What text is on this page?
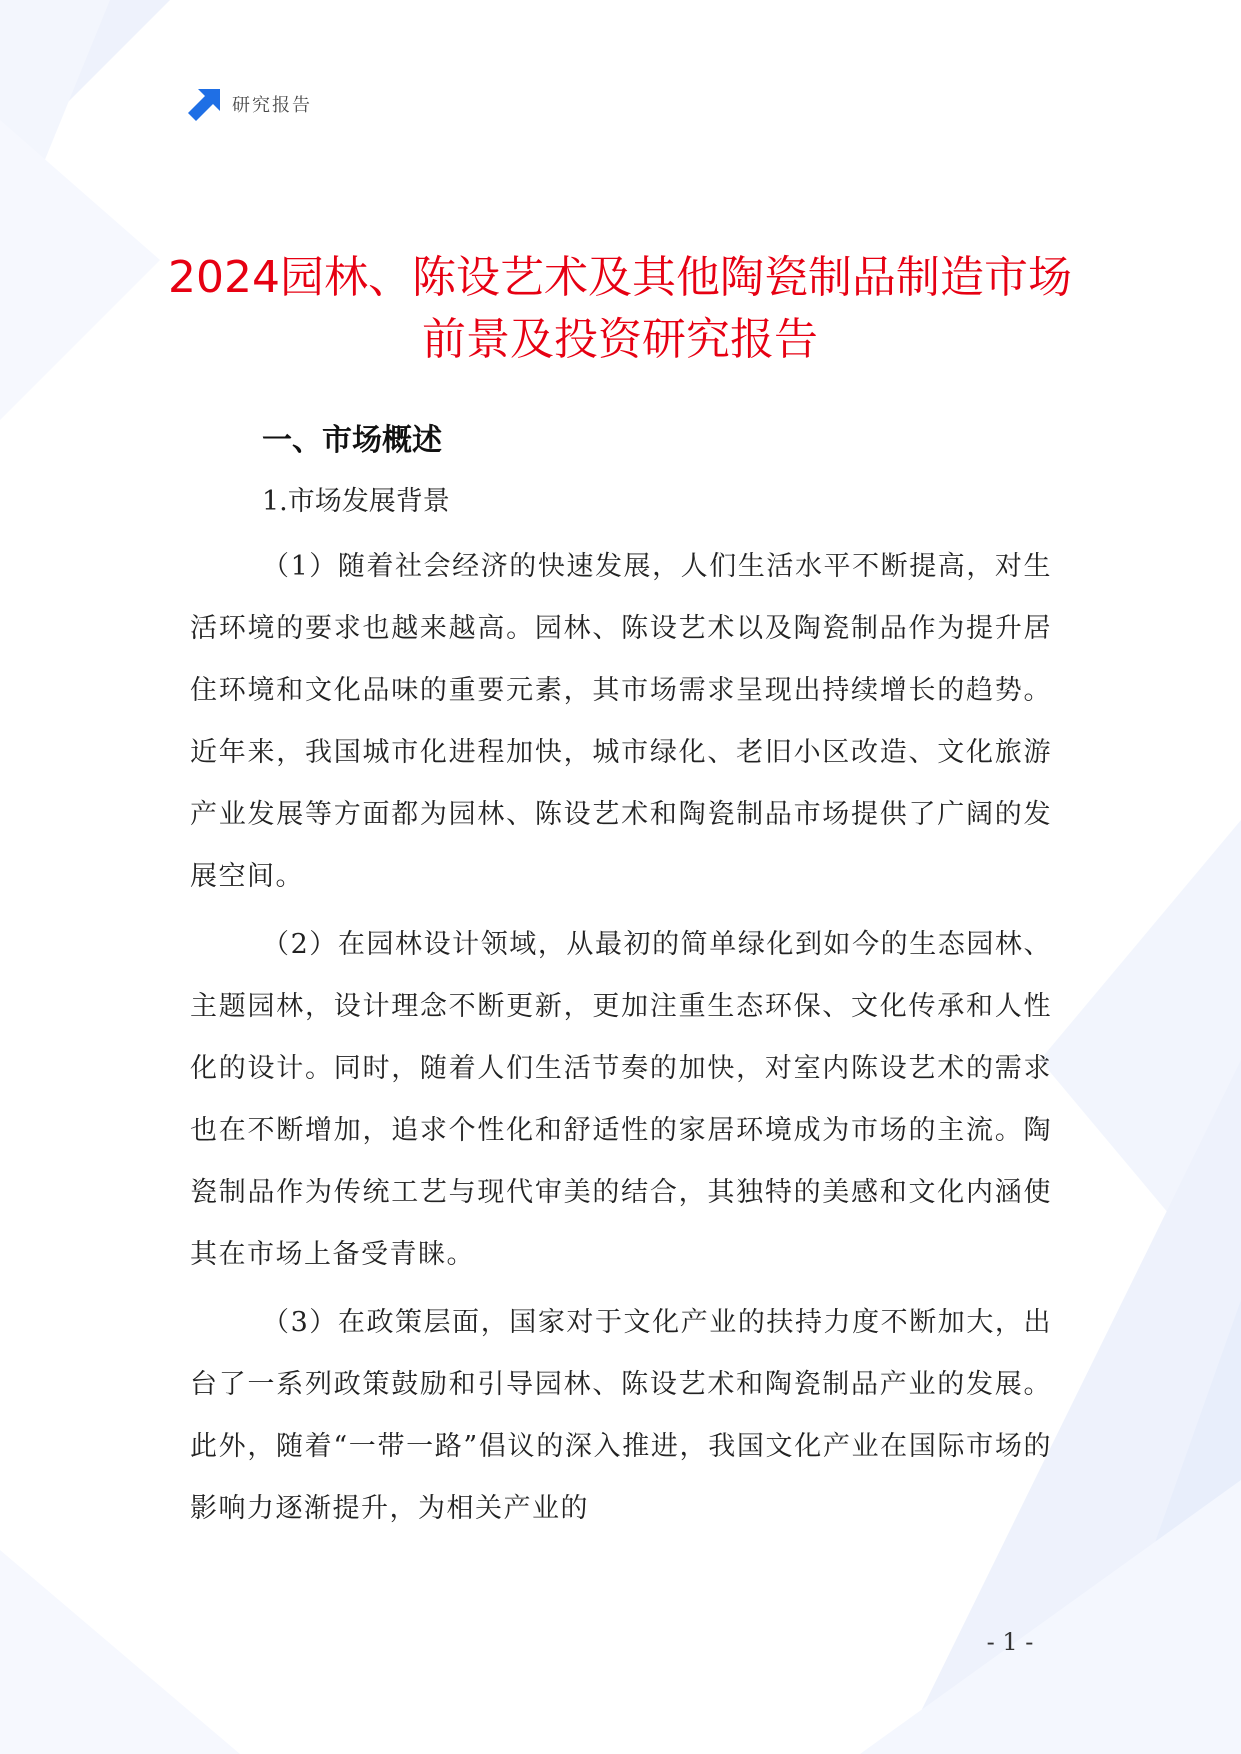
研究报告
2024园林、陈设艺术及其他陶瓷制品制造市场前景及投资研究报告
一、市场概述
1.市场发展背景

（1）随着社会经济的快速发展，人们生活水平不断提高，对生活环境的要求也越来越高。园林、陈设艺术以及陶瓷制品作为提升居住环境和文化品味的重要元素，其市场需求呈现出持续增长的趋势。近年来，我国城市化进程加快，城市绿化、老旧小区改造、文化旅游产业发展等方面都为园林、陈设艺术和陶瓷制品市场提供了广阔的发展空间。

（2）在园林设计领域，从最初的简单绿化到如今的生态园林、主题园林，设计理念不断更新，更加注重生态环保、文化传承和人性化的设计。同时，随着人们生活节奏的加快，对室内陈设艺术的需求也在不断增加，追求个性化和舒适性的家居环境成为市场的主流。陶瓷制品作为传统工艺与现代审美的结合，其独特的美感和文化内涵使其在市场上备受青睐。

（3）在政策层面，国家对于文化产业的扶持力度不断加大，出台了一系列政策鼓励和引导园林、陈设艺术和陶瓷制品产业的发展。此外，随着“一带一路”倡议的深入推进，我国文化产业在国际市场的影响力逐渐提升，为相关产业的

- 1 -
